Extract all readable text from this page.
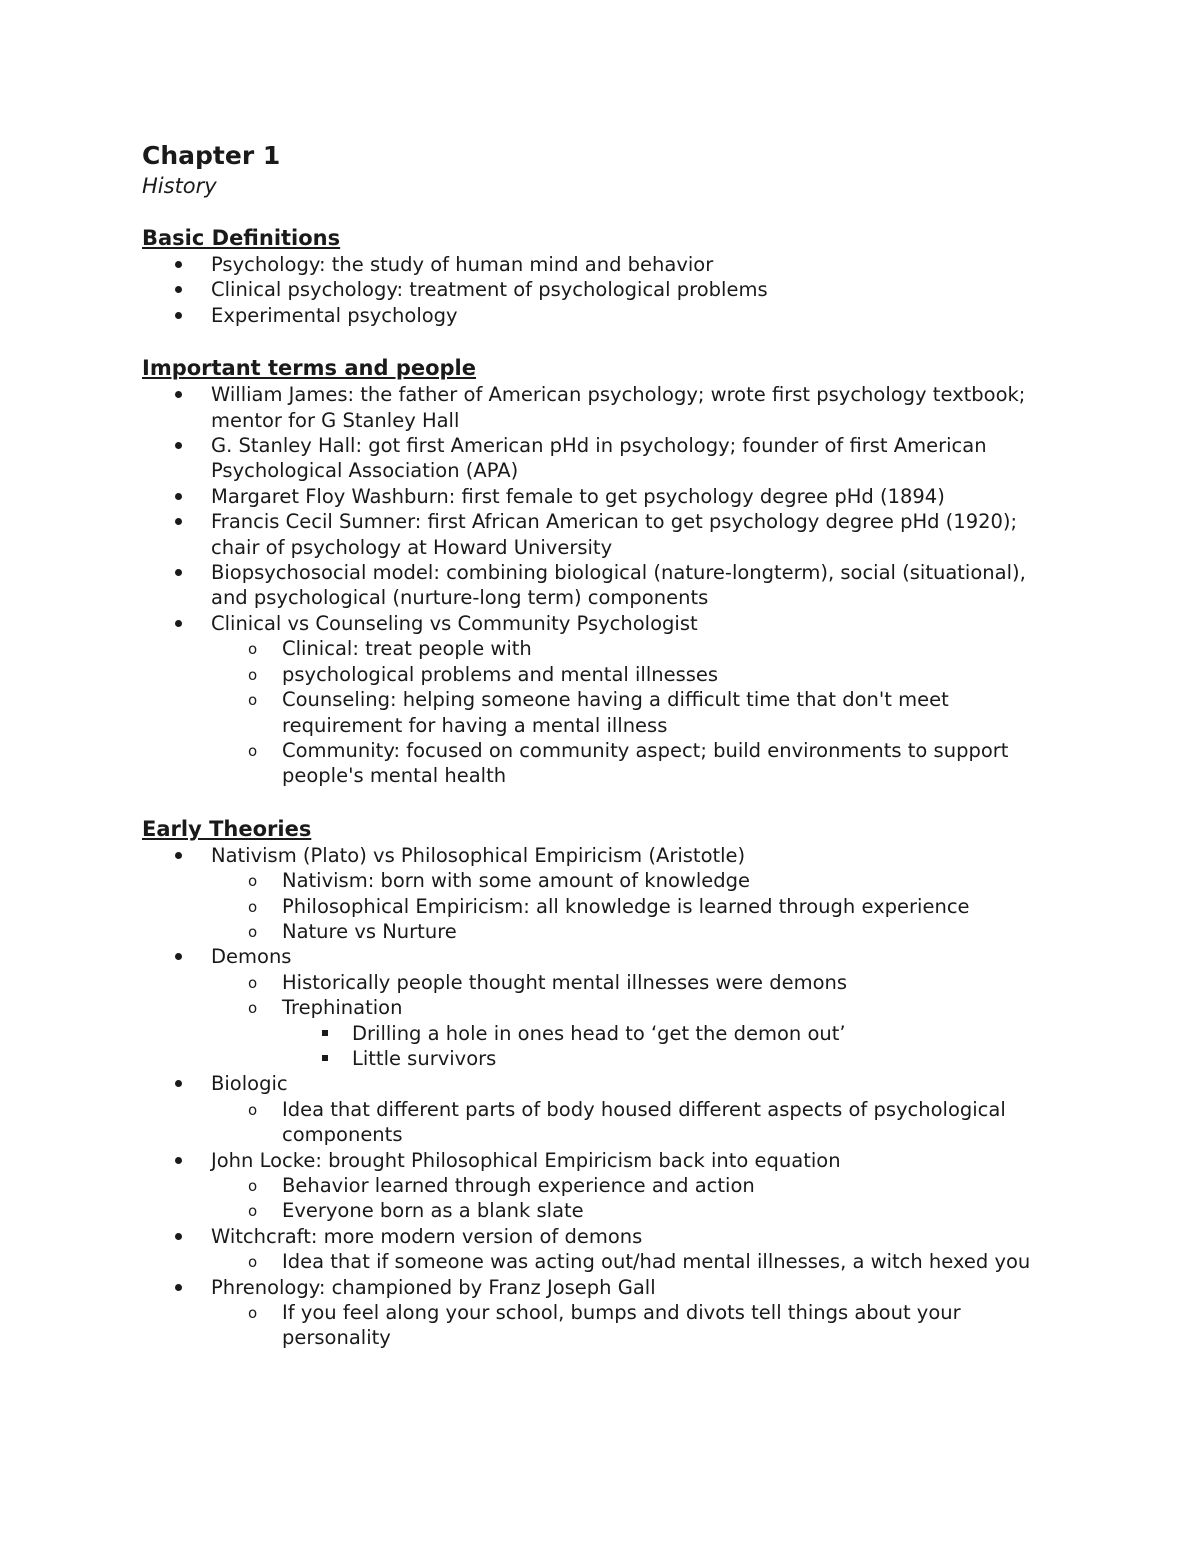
Chapter 1
History
Basic Definitions
Psychology: the study of human mind and behavior
Clinical psychology: treatment of psychological problems
Experimental psychology
Important terms and people
William James: the father of American psychology; wrote first psychology textbook; mentor for G Stanley Hall
G. Stanley Hall: got first American pHd in psychology; founder of first American Psychological Association (APA)
Margaret Floy Washburn: first female to get psychology degree pHd (1894)
Francis Cecil Sumner: first African American to get psychology degree pHd (1920); chair of psychology at Howard University
Biopsychosocial model: combining biological (nature-longterm), social (situational), and psychological (nurture-long term) components
Clinical vs Counseling vs Community Psychologist
o Clinical: treat people with
o psychological problems and mental illnesses
o Counseling: helping someone having a difficult time that don't meet requirement for having a mental illness
o Community: focused on community aspect; build environments to support people's mental health
Early Theories
Nativism (Plato) vs Philosophical Empiricism (Aristotle)
o Nativism: born with some amount of knowledge
o Philosophical Empiricism: all knowledge is learned through experience
o Nature vs Nurture
Demons
o Historically people thought mental illnesses were demons
o Trephination
Drilling a hole in ones head to ‘get the demon out’
Little survivors
Biologic
o Idea that different parts of body housed different aspects of psychological components
John Locke: brought Philosophical Empiricism back into equation
o Behavior learned through experience and action
o Everyone born as a blank slate
Witchcraft: more modern version of demons
o Idea that if someone was acting out/had mental illnesses, a witch hexed you
Phrenology: championed by Franz Joseph Gall
o If you feel along your school, bumps and divots tell things about your personality
